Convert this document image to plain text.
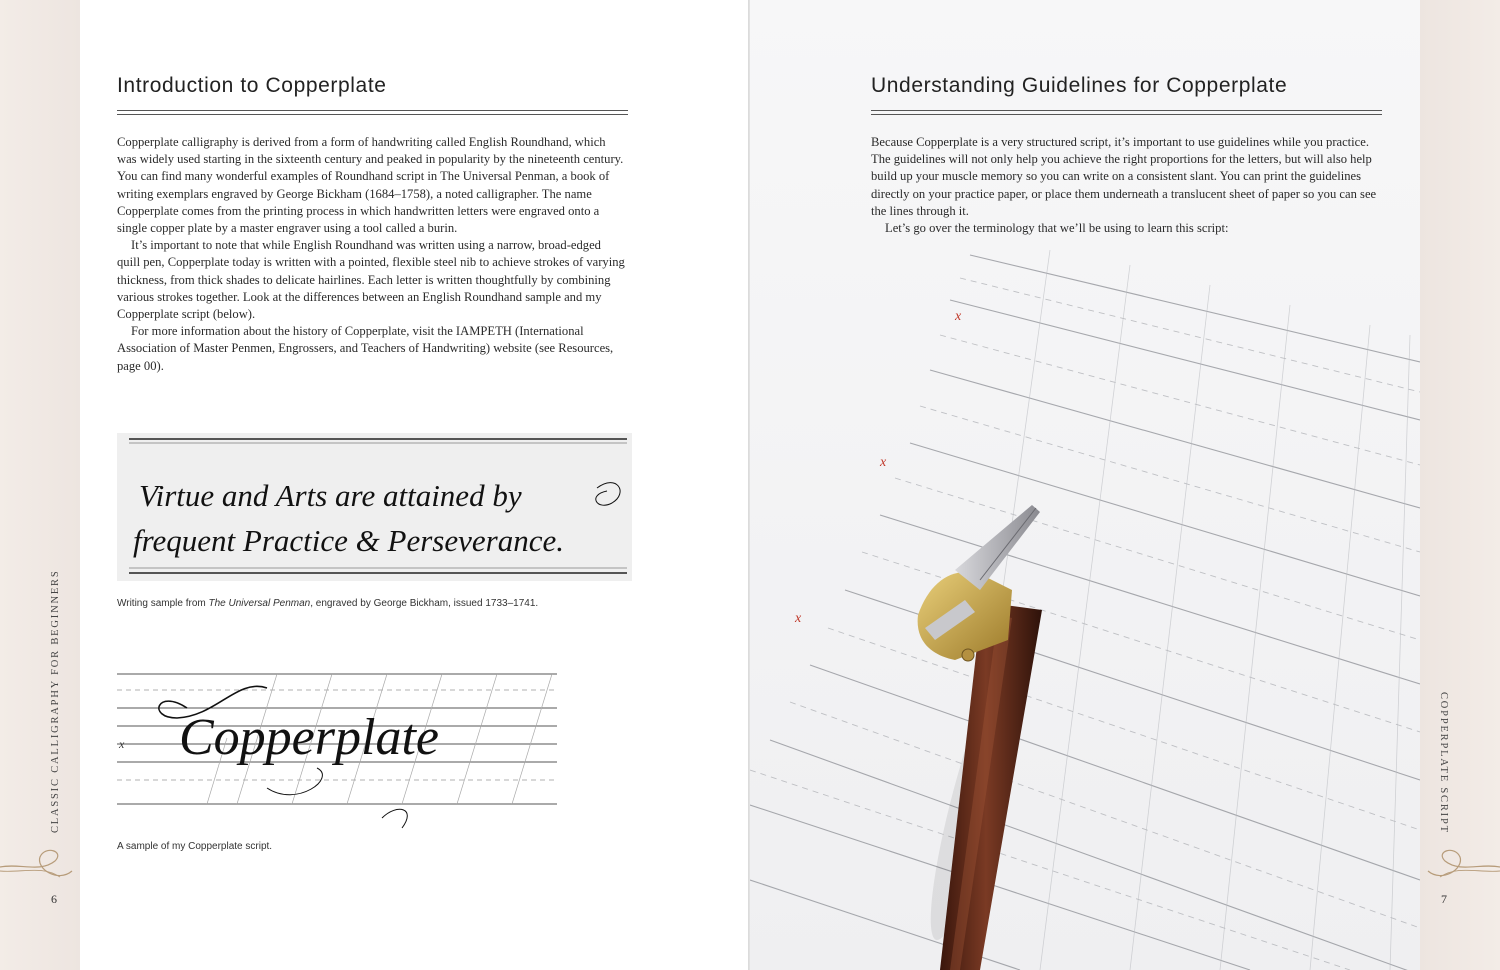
Introduction to Copperplate

Copperplate calligraphy is derived from a form of handwriting called English Roundhand, which was widely used starting in the sixteenth century and peaked in popularity by the nineteenth century. You can find many wonderful examples of Roundhand script in The Universal Penman, a book of writing exemplars engraved by George Bickham (1684–1758), a noted calligrapher. The name Copperplate comes from the printing process in which handwritten letters were engraved onto a single copper plate by a master engraver using a tool called a burin.

It’s important to note that while English Roundhand was written using a narrow, broad-edged quill pen, Copperplate today is written with a pointed, flexible steel nib to achieve strokes of varying thickness, from thick shades to delicate hairlines. Each letter is written thoughtfully by combining various strokes together. Look at the differences between an English Roundhand sample and my Copperplate script (below).

For more information about the history of Copperplate, visit the IAMPETH (International Association of Master Penmen, Engrossers, and Teachers of Handwriting) website (see Resources, page 00).

Virtue and Arts are attained by
frequent Practice & Perseverance.

Writing sample from The Universal Penman, engraved by George Bickham, issued 1733–1741.

x Copperplate

A sample of my Copperplate script.

CLASSIC CALLIGRAPHY FOR BEGINNERS
6
x
x
x
Understanding Guidelines for Copperplate

Because Copperplate is a very structured script, it’s important to use guidelines while you practice. The guidelines will not only help you achieve the right proportions for the letters, but will also help build up your muscle memory so you can write on a consistent slant. You can print the guidelines directly on your practice paper, or place them underneath a translucent sheet of paper so you can see the lines through it.

Let’s go over the terminology that we’ll be using to learn this script:

COPPERPLATE SCRIPT
7
